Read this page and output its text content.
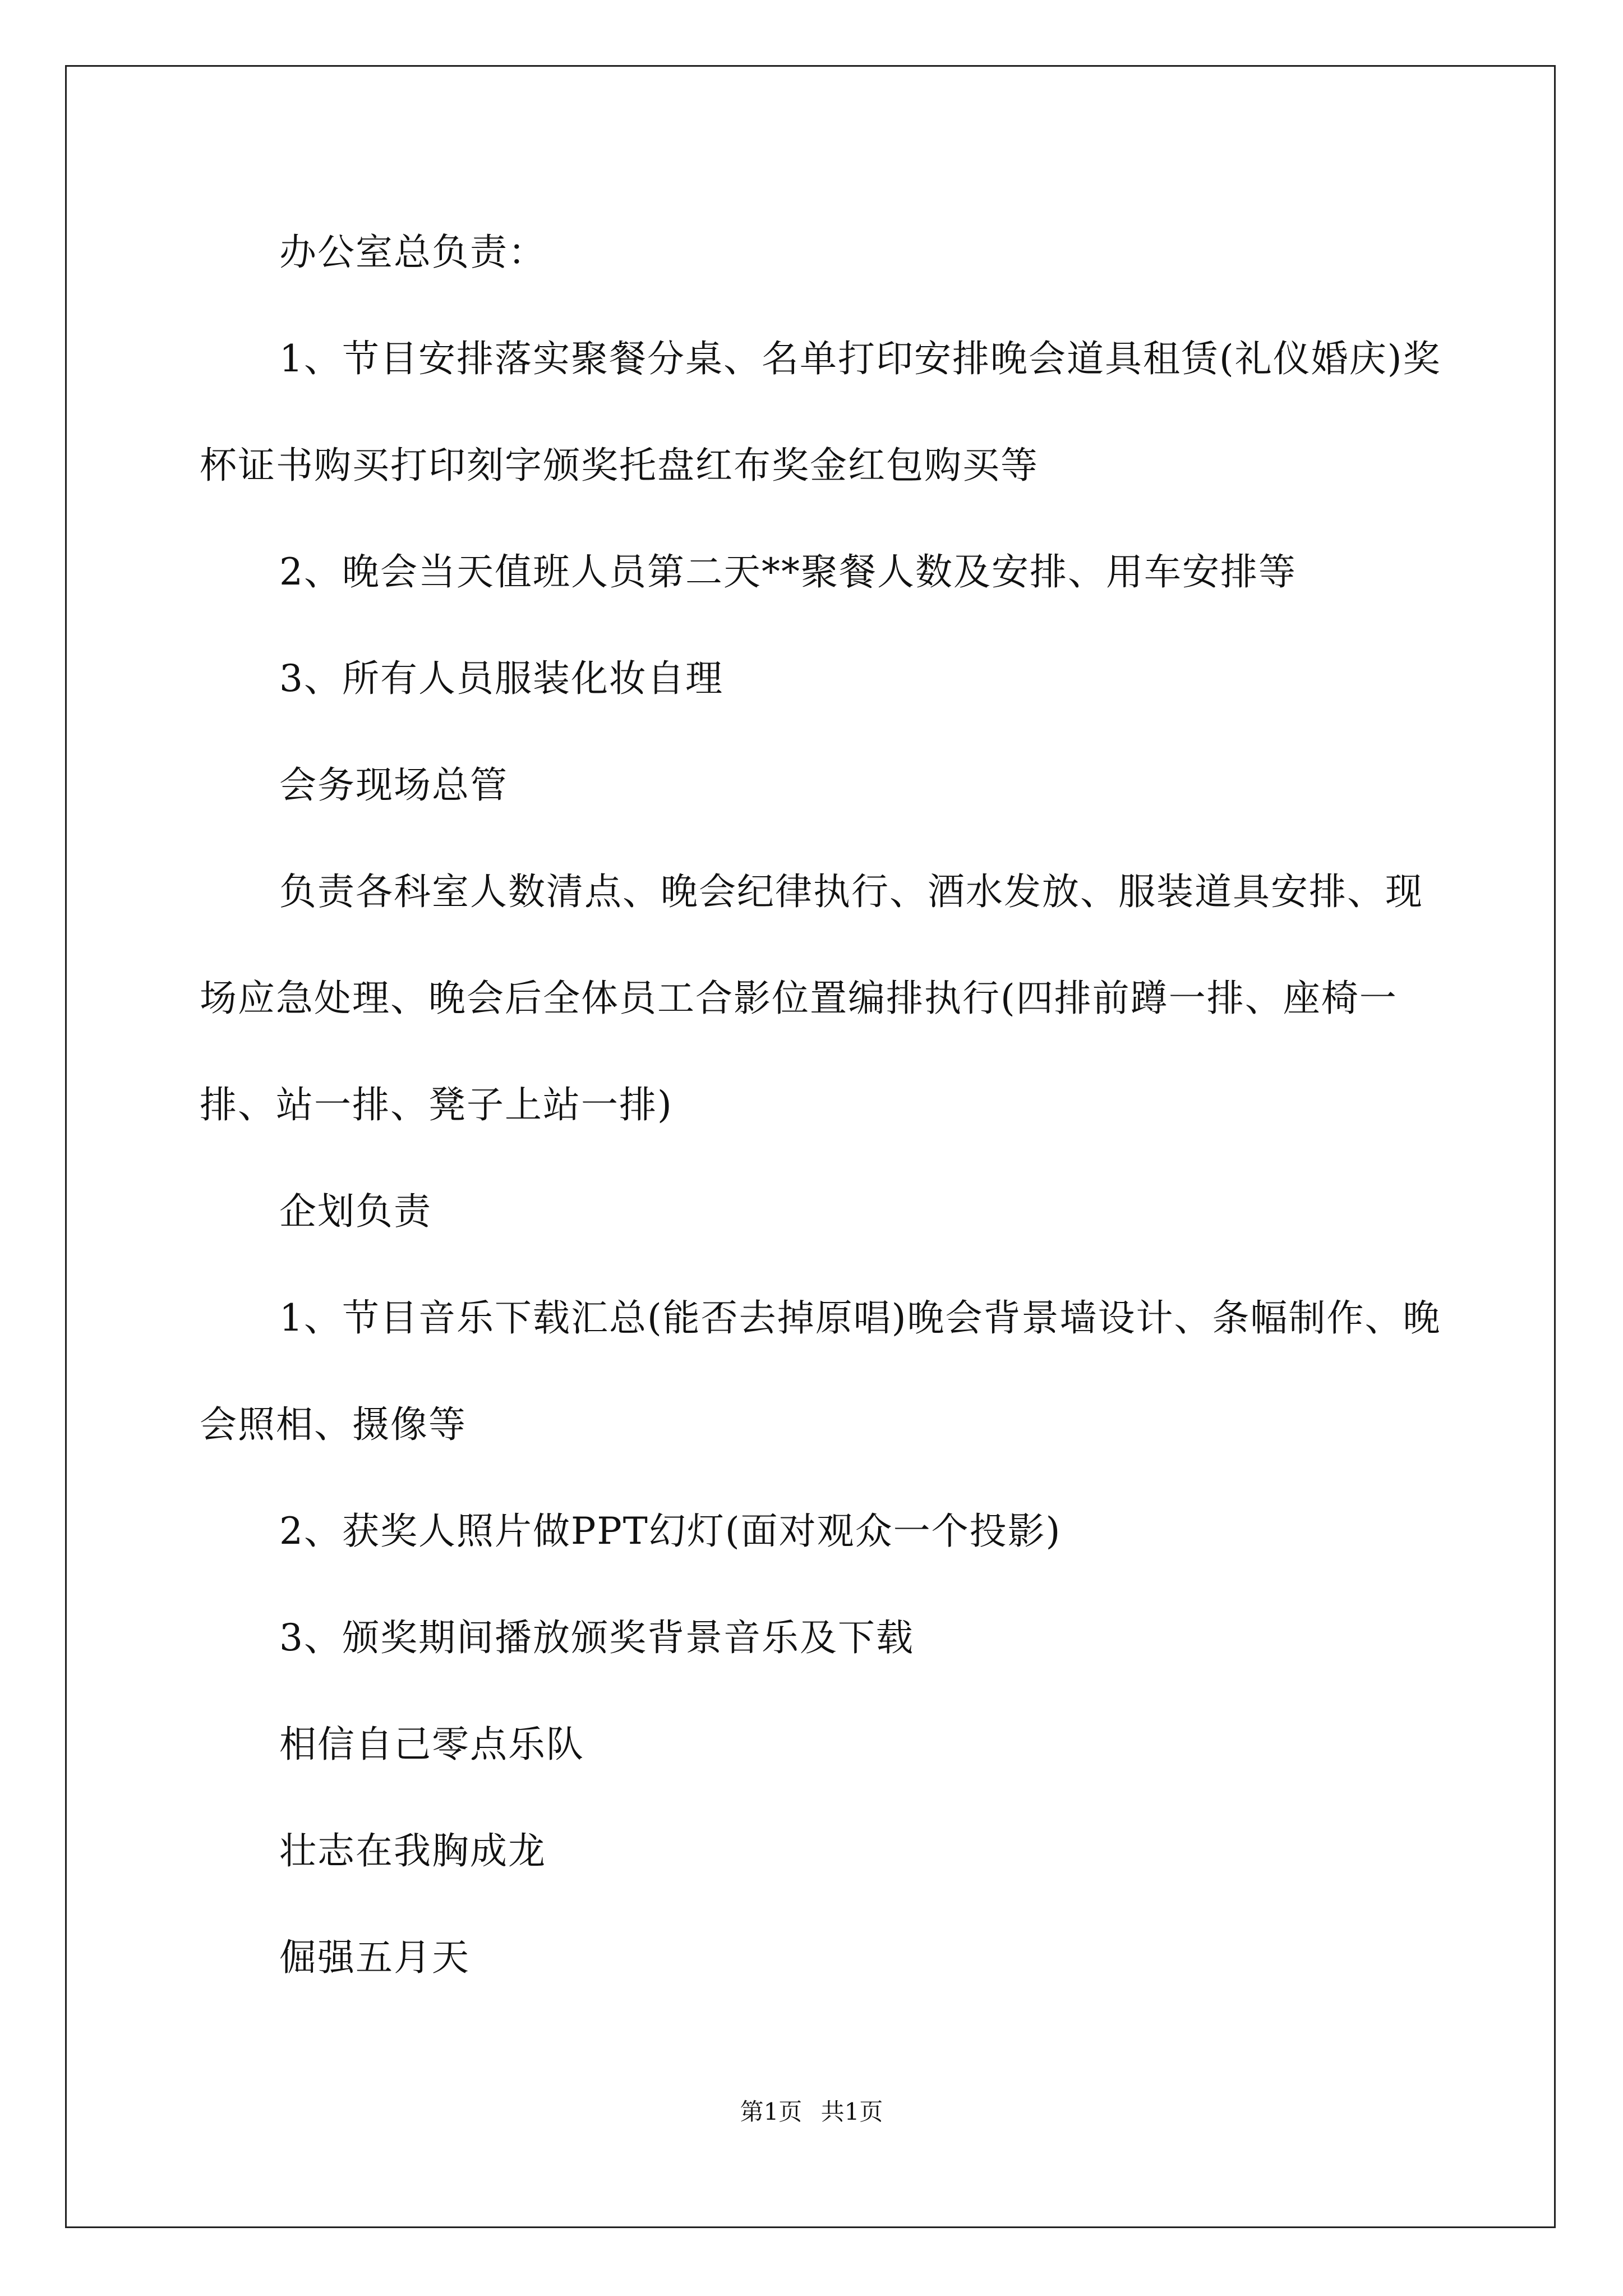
办公室总负责：

1、节目安排落实聚餐分桌、名单打印安排晚会道具租赁(礼仪婚庆)奖杯证书购买打印刻字颁奖托盘红布奖金红包购买等

2、晚会当天值班人员第二天**聚餐人数及安排、用车安排等

3、所有人员服装化妆自理

会务现场总管

负责各科室人数清点、晚会纪律执行、酒水发放、服装道具安排、现场应急处理、晚会后全体员工合影位置编排执行(四排前蹲一排、座椅一排、站一排、凳子上站一排)

企划负责

1、节目音乐下载汇总(能否去掉原唱)晚会背景墙设计、条幅制作、晚会照相、摄像等

2、获奖人照片做PPT幻灯(面对观众一个投影)

3、颁奖期间播放颁奖背景音乐及下载

相信自己零点乐队

壮志在我胸成龙

倔强五月天

第1页 共1页
